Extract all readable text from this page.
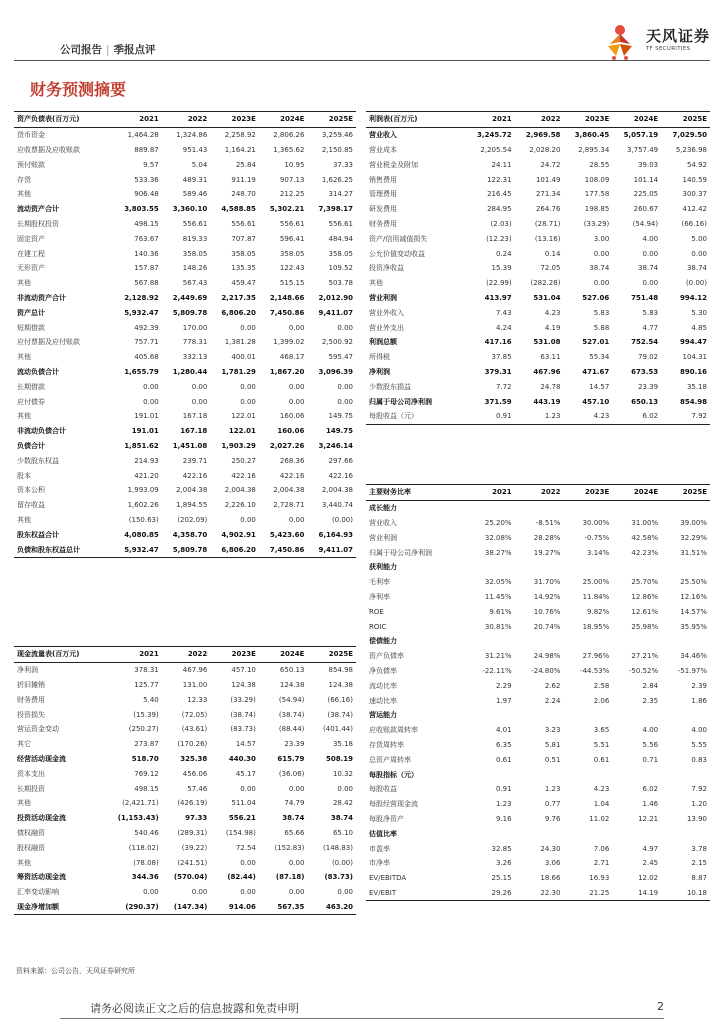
公司报告 | 季报点评
天风证券
TF SECURITIES
财务预测摘要
资产负债表(百万元)	2021	2022	2023E	2024E	2025E
货币资金	1,464.28	1,324.86	2,258.92	2,806.26	3,259.46
应收票据及应收账款	889.87	951.43	1,164.21	1,365.62	2,150.85
预付账款	9.57	5.04	25.84	10.95	37.33
存货	533.36	489.31	911.19	907.13	1,626.25
其他	906.48	589.46	248.70	212.25	314.27
流动资产合计	3,803.55	3,360.10	4,588.85	5,302.21	7,398.17
长期股权投资	498.15	556.61	556.61	556.61	556.61
固定资产	763.67	819.33	707.87	596.41	484.94
在建工程	140.36	358.05	358.05	358.05	358.05
无形资产	157.87	148.26	135.35	122.43	109.52
其他	567.88	567.43	459.47	515.15	503.78
非流动资产合计	2,128.92	2,449.69	2,217.35	2,148.66	2,012.90
资产总计	5,932.47	5,809.78	6,806.20	7,450.86	9,411.07
短期借款	492.39	170.00	0.00	0.00	0.00
应付票据及应付账款	757.71	778.31	1,381.28	1,399.02	2,500.92
其他	405.68	332.13	400.01	468.17	595.47
流动负债合计	1,655.79	1,280.44	1,781.29	1,867.20	3,096.39
长期借款	0.00	0.00	0.00	0.00	0.00
应付债券	0.00	0.00	0.00	0.00	0.00
其他	191.01	167.18	122.01	160.06	149.75
非流动负债合计	191.01	167.18	122.01	160.06	149.75
负债合计	1,851.62	1,451.08	1,903.29	2,027.26	3,246.14
少数股东权益	214.93	239.71	250.27	268.36	297.66
股本	421.20	422.16	422.16	422.16	422.16
资本公积	1,993.09	2,004.38	2,004.38	2,004.38	2,004.38
留存收益	1,602.26	1,894.55	2,226.10	2,728.71	3,440.74
其他	(150.63)	(202.09)	0.00	0.00	(0.00)
股东权益合计	4,080.85	4,358.70	4,902.91	5,423.60	6,164.93
负债和股东权益总计	5,932.47	5,809.78	6,806.20	7,450.86	9,411.07
利润表(百万元)	2021	2022	2023E	2024E	2025E
营业收入	3,245.72	2,969.58	3,860.45	5,057.19	7,029.50
营业成本	2,205.54	2,028.20	2,895.34	3,757.49	5,236.98
营业税金及附加	24.11	24.72	28.55	39.03	54.92
销售费用	122.31	101.49	108.09	101.14	140.59
管理费用	216.45	271.34	177.58	225.05	300.37
研发费用	284.95	264.76	198.85	260.67	412.42
财务费用	(2.03)	(28.71)	(33.29)	(54.94)	(66.16)
资产/信用减值损失	(12.23)	(13.16)	3.00	4.00	5.00
公允价值变动收益	0.24	0.14	0.00	0.00	0.00
投资净收益	15.39	72.05	38.74	38.74	38.74
其他	(22.99)	(282.28)	0.00	0.00	(0.00)
营业利润	413.97	531.04	527.06	751.48	994.12
营业外收入	7.43	4.23	5.83	5.83	5.30
营业外支出	4.24	4.19	5.88	4.77	4.85
利润总额	417.16	531.08	527.01	752.54	994.47
所得税	37.85	63.11	55.34	79.02	104.31
净利润	379.31	467.96	471.67	673.53	890.16
少数股东损益	7.72	24.78	14.57	23.39	35.18
归属于母公司净利润	371.59	443.19	457.10	650.13	854.98
每股收益（元）	0.91	1.23	4.23	6.02	7.92
现金流量表(百万元)	2021	2022	2023E	2024E	2025E
净利润	378.31	467.96	457.10	650.13	854.98
折旧摊销	125.77	131.00	124.38	124.38	124.38
财务费用	5.40	12.33	(33.29)	(54.94)	(66.16)
投资损失	(15.39)	(72.05)	(38.74)	(38.74)	(38.74)
营运资金变动	(250.27)	(43.61)	(83.73)	(88.44)	(401.44)
其它	273.87	(170.26)	14.57	23.39	35.18
经营活动现金流	518.70	325.38	440.30	615.79	508.19
资本支出	769.12	456.06	45.17	(36.06)	10.32
长期投资	498.15	57.46	0.00	0.00	0.00
其他	(2,421.71)	(426.19)	511.04	74.79	28.42
投资活动现金流	(1,153.43)	97.33	556.21	38.74	38.74
债权融资	540.46	(289.31)	(154.98)	65.66	65.10
股权融资	(118.02)	(39.22)	72.54	(152.83)	(148.83)
其他	(78.08)	(241.51)	0.00	0.00	(0.00)
筹资活动现金流	344.36	(570.04)	(82.44)	(87.18)	(83.73)
汇率变动影响	0.00	0.00	0.00	0.00	0.00
现金净增加额	(290.37)	(147.34)	914.06	567.35	463.20
主要财务比率	2021	2022	2023E	2024E	2025E
成长能力					
营业收入	25.20%	-8.51%	30.00%	31.00%	39.00%
营业利润	32.08%	28.28%	-0.75%	42.58%	32.29%
归属于母公司净利润	38.27%	19.27%	3.14%	42.23%	31.51%
获利能力					
毛利率	32.05%	31.70%	25.00%	25.70%	25.50%
净利率	11.45%	14.92%	11.84%	12.86%	12.16%
ROE	9.61%	10.76%	9.82%	12.61%	14.57%
ROIC	30.81%	20.74%	18.95%	25.98%	35.95%
偿债能力					
资产负债率	31.21%	24.98%	27.96%	27.21%	34.46%
净负债率	-22.11%	-24.80%	-44.53%	-50.52%	-51.97%
流动比率	2.29	2.62	2.58	2.84	2.39
速动比率	1.97	2.24	2.06	2.35	1.86
营运能力					
应收账款周转率	4.01	3.23	3.65	4.00	4.00
存货周转率	6.35	5.81	5.51	5.56	5.55
总资产周转率	0.61	0.51	0.61	0.71	0.83
每股指标（元）					
每股收益	0.91	1.23	4.23	6.02	7.92
每股经营现金流	1.23	0.77	1.04	1.46	1.20
每股净资产	9.16	9.76	11.02	12.21	13.90
估值比率					
市盈率	32.85	24.30	7.06	4.97	3.78
市净率	3.26	3.06	2.71	2.45	2.15
EV/EBITDA	25.15	18.66	16.93	12.02	8.87
EV/EBIT	29.26	22.30	21.25	14.19	10.18
资料来源：公司公告，天风证券研究所
请务必阅读正文之后的信息披露和免责申明	2
